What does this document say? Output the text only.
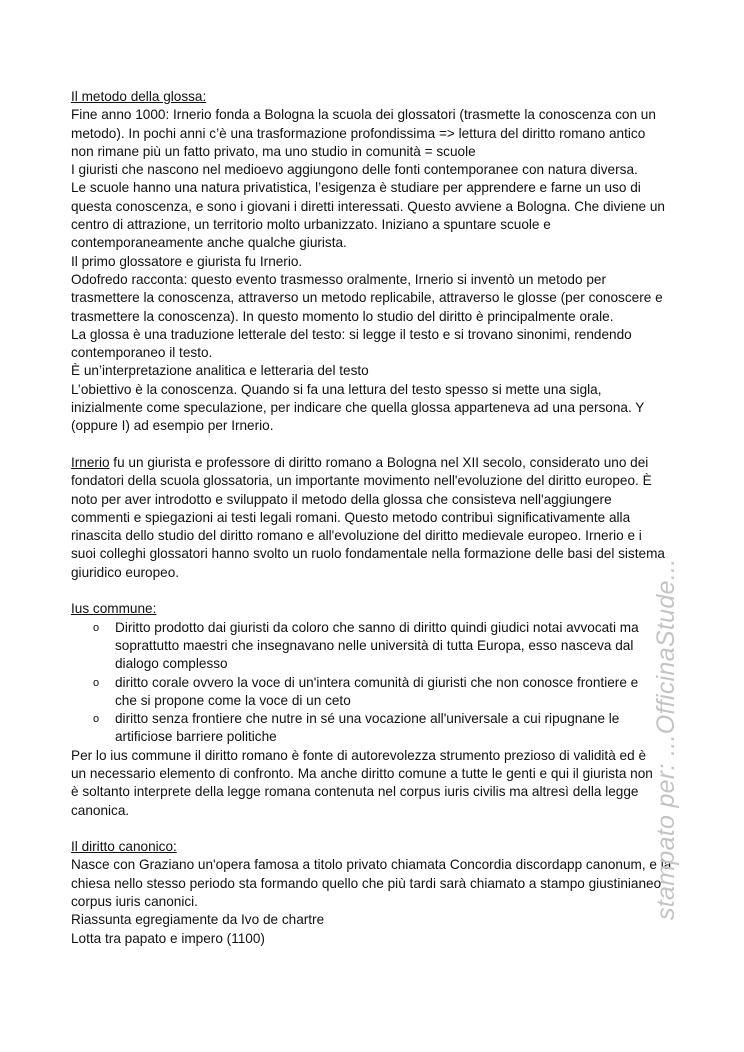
Il metodo della glossa:
Fine anno 1000: Irnerio fonda a Bologna la scuola dei glossatori (trasmette la conoscenza con un
metodo). In pochi anni c’è una trasformazione profondissima => lettura del diritto romano antico
non rimane più un fatto privato, ma uno studio in comunità = scuole
I giuristi che nascono nel medioevo aggiungono delle fonti contemporanee con natura diversa.
Le scuole hanno una natura privatistica, l’esigenza è studiare per apprendere e farne un uso di
questa conoscenza, e sono i giovani i diretti interessati. Questo avviene a Bologna. Che diviene un
centro di attrazione, un territorio molto urbanizzato. Iniziano a spuntare scuole e
contemporaneamente anche qualche giurista.
Il primo glossatore e giurista fu Irnerio.
Odofredo racconta: questo evento trasmesso oralmente, Irnerio si inventò un metodo per
trasmettere la conoscenza, attraverso un metodo replicabile, attraverso le glosse (per conoscere e
trasmettere la conoscenza). In questo momento lo studio del diritto è principalmente orale.
La glossa è una traduzione letterale del testo: si legge il testo e si trovano sinonimi, rendendo
contemporaneo il testo.
È un’interpretazione analitica e letteraria del testo
L’obiettivo è la conoscenza. Quando si fa una lettura del testo spesso si mette una sigla,
inizialmente come speculazione, per indicare che quella glossa apparteneva ad una persona. Y
(oppure I) ad esempio per Irnerio.
Irnerio fu un giurista e professore di diritto romano a Bologna nel XII secolo, considerato uno dei
fondatori della scuola glossatoria, un importante movimento nell'evoluzione del diritto europeo. È
noto per aver introdotto e sviluppato il metodo della glossa che consisteva nell'aggiungere
commenti e spiegazioni ai testi legali romani. Questo metodo contribuì significativamente alla
rinascita dello studio del diritto romano e all'evoluzione del diritto medievale europeo. Irnerio e i
suoi colleghi glossatori hanno svolto un ruolo fondamentale nella formazione delle basi del sistema
giuridico europeo.
Ius commune:
o Diritto prodotto dai giuristi da coloro che sanno di diritto quindi giudici notai avvocati ma
soprattutto maestri che insegnavano nelle università di tutta Europa, esso nasceva dal
dialogo complesso
o diritto corale ovvero la voce di un'intera comunità di giuristi che non conosce frontiere e
che si propone come la voce di un ceto
o diritto senza frontiere che nutre in sé una vocazione all'universale a cui ripugnane le
artificiose barriere politiche
Per lo ius commune il diritto romano è fonte di autorevolezza strumento prezioso di validità ed è
un necessario elemento di confronto. Ma anche diritto comune a tutte le genti e qui il giurista non
è soltanto interprete della legge romana contenuta nel corpus iuris civilis ma altresì della legge
canonica.
Il diritto canonico:
Nasce con Graziano un'opera famosa a titolo privato chiamata Concordia discordapp canonum, e la
chiesa nello stesso periodo sta formando quello che più tardi sarà chiamato a stampo giustinianeo
corpus iuris canonici.
Riassunta egregiamente da Ivo de chartre
Lotta tra papato e impero (1100)
stampato per: ...OfficinaStude...
